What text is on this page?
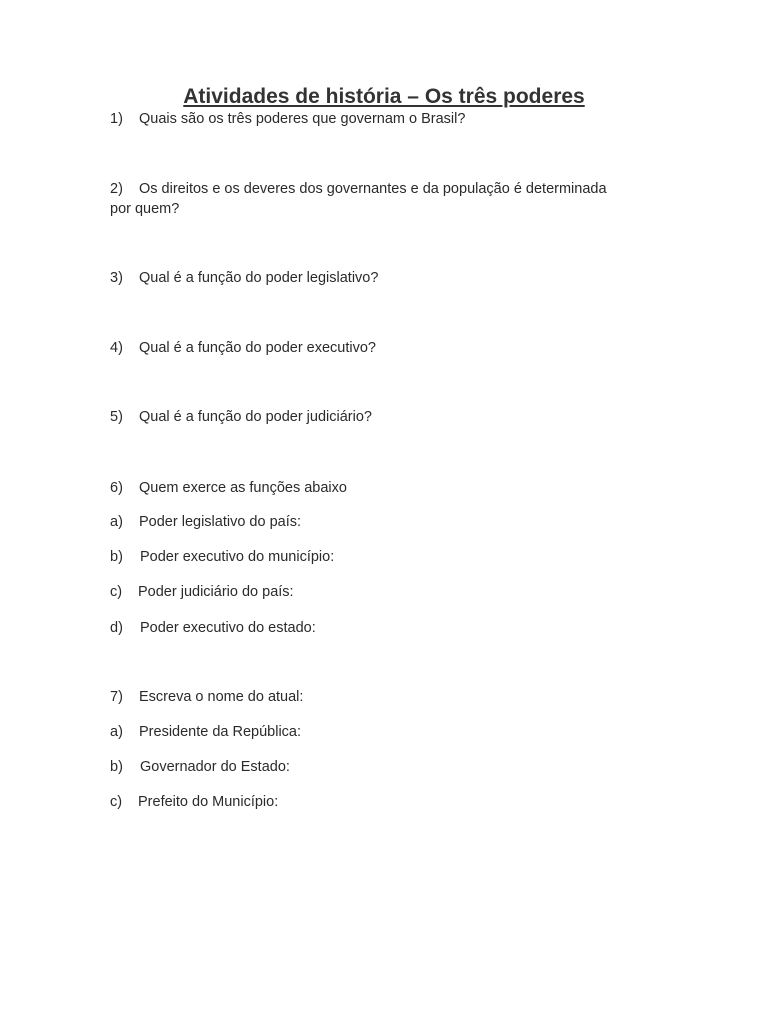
Atividades de história – Os três poderes
1) Quais são os três poderes que governam o Brasil?
2) Os direitos e os deveres dos governantes e da população é determinada
por quem?
3) Qual é a função do poder legislativo?
4) Qual é a função do poder executivo?
5) Qual é a função do poder judiciário?
6) Quem exerce as funções abaixo
a) Poder legislativo do país:
b) Poder executivo do município:
c) Poder judiciário do país:
d) Poder executivo do estado:
7) Escreva o nome do atual:
a) Presidente da República:
b) Governador do Estado:
c) Prefeito do Município:
